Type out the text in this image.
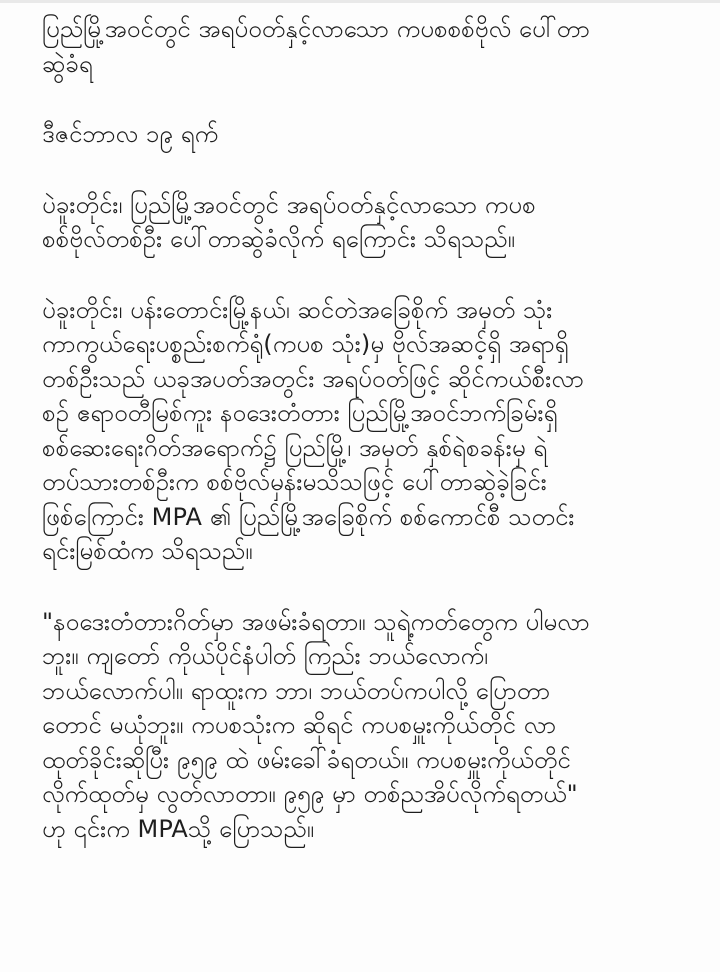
ပြည်မြို့အဝင်တွင် အရပ်ဝတ်နှင့်လာသော ကပစစစ်ဗိုလ် ပေါ်တာ
ဆွဲခံရ

ဒီဇင်ဘာလ ၁၉ ရက်

ပဲခူးတိုင်း၊ ပြည်မြို့အဝင်တွင် အရပ်ဝတ်နှင့်လာသော ကပစ
စစ်ဗိုလ်တစ်ဦး ပေါ်တာဆွဲခံလိုက် ရကြောင်း သိရသည်။

ပဲခူးတိုင်း၊ ပန်းတောင်းမြို့နယ်၊ ဆင်တဲအခြေစိုက် အမှတ် သုံး
ကာကွယ်ရေးပစ္စည်းစက်ရုံ(ကပစ သုံး)မှ ဗိုလ်အဆင့်ရှိ အရာရှိ
တစ်ဦးသည် ယခုအပတ်အတွင်း အရပ်ဝတ်ဖြင့် ဆိုင်ကယ်စီးလာ
စဉ် ဧရာဝတီမြစ်ကူး နဝဒေးတံတား ပြည်မြို့အဝင်ဘက်ခြမ်းရှိ
စစ်ဆေးရေးဂိတ်အရောက်၌ ပြည်မြို့၊ အမှတ် နှစ်ရဲစခန်းမှ ရဲ
တပ်သားတစ်ဦးက စစ်ဗိုလ်မှန်းမသိသဖြင့် ပေါ်တာဆွဲခဲ့ခြင်း
ဖြစ်ကြောင်း MPA ၏ ပြည်မြို့အခြေစိုက် စစ်ကောင်စီ သတင်း
ရင်းမြစ်ထံက သိရသည်။

"နဝဒေးတံတားဂိတ်မှာ အဖမ်းခံရတာ။ သူရဲ့ကတ်တွေက ပါမလာ
ဘူး။ ကျတော် ကိုယ်ပိုင်နံပါတ် ကြည်း ဘယ်လောက်၊
ဘယ်လောက်ပါ။ ရာထူးက ဘာ၊ ဘယ်တပ်ကပါလို့ ပြောတာ
တောင် မယုံဘူး။ ကပစသုံးက ဆိုရင် ကပစမှူးကိုယ်တိုင် လာ
ထုတ်ခိုင်းဆိုပြီး ၉၅၉ ထဲ ဖမ်းခေါ်ခံရတယ်။ ကပစမှူးကိုယ်တိုင်
လိုက်ထုတ်မှ လွတ်လာတာ။ ၉၅၉ မှာ တစ်ညအိပ်လိုက်ရတယ်"
ဟု ၎င်းက MPAသို့ ပြောသည်။
